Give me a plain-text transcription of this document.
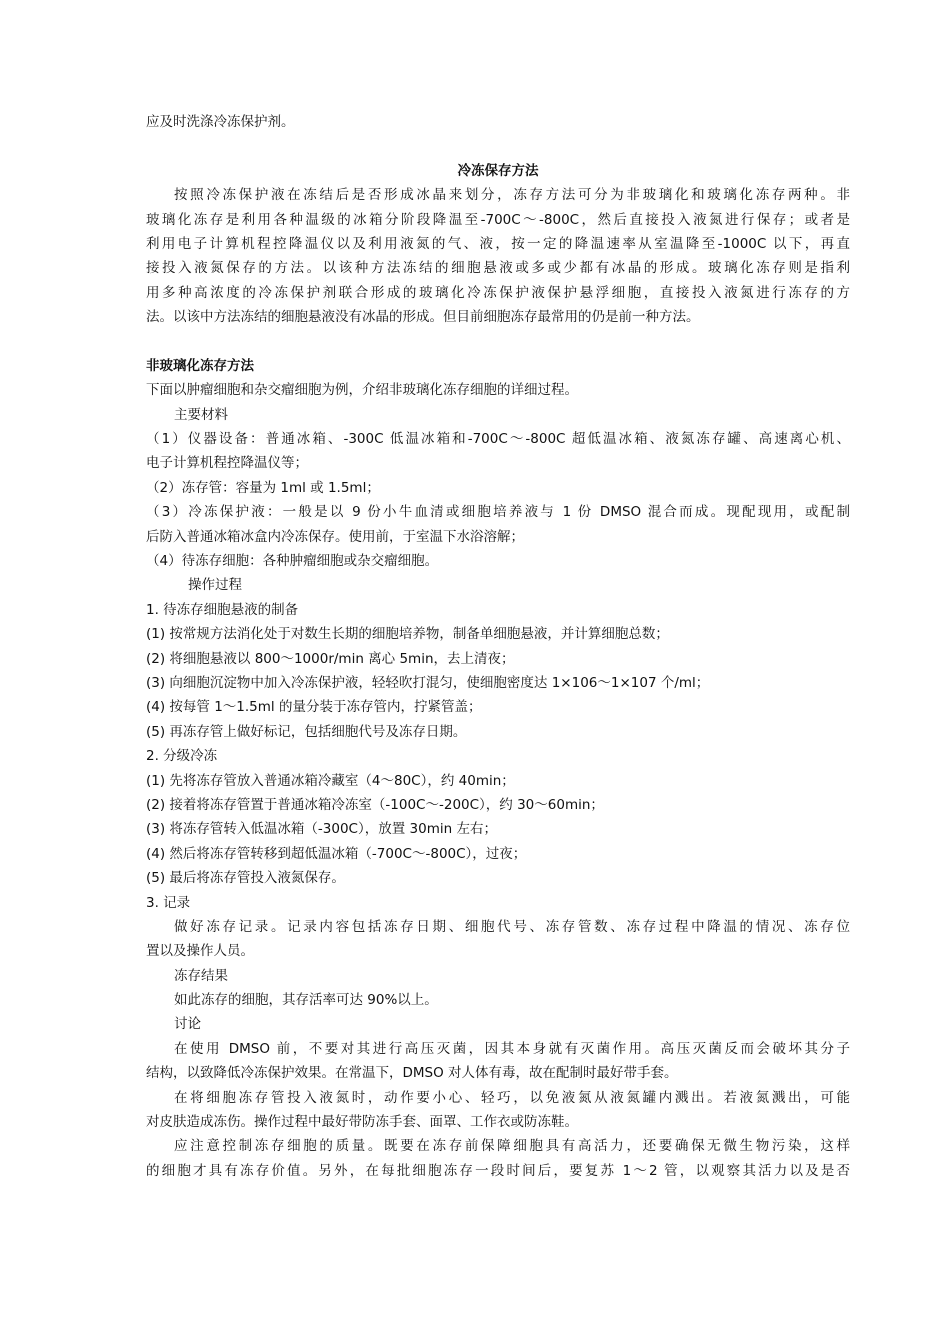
应及时洗涤冷冻保护剂。

冷冻保存方法

按照冷冻保护液在冻结后是否形成冰晶来划分，冻存方法可分为非玻璃化和玻璃化冻存两种。非

玻璃化冻存是利用各种温级的冰箱分阶段降温至-700C～-800C，然后直接投入液氮进行保存；或者是

利用电子计算机程控降温仪以及利用液氮的气、液，按一定的降温速率从室温降至-1000C 以下，再直

接投入液氮保存的方法。以该种方法冻结的细胞悬液或多或少都有冰晶的形成。玻璃化冻存则是指利

用多种高浓度的冷冻保护剂联合形成的玻璃化冷冻保护液保护悬浮细胞，直接投入液氮进行冻存的方

法。以该中方法冻结的细胞悬液没有冰晶的形成。但目前细胞冻存最常用的仍是前一种方法。

非玻璃化冻存方法

下面以肿瘤细胞和杂交瘤细胞为例，介绍非玻璃化冻存细胞的详细过程。

主要材料

（1）仪器设备：普通冰箱、-300C 低温冰箱和-700C～-800C 超低温冰箱、液氮冻存罐、高速离心机、

电子计算机程控降温仪等；

（2）冻存管：容量为 1ml 或 1.5ml；

（3）冷冻保护液：一般是以 9 份小牛血清或细胞培养液与 1 份 DMSO 混合而成。现配现用，或配制

后防入普通冰箱冰盒内冷冻保存。使用前，于室温下水浴溶解；

（4）待冻存细胞：各种肿瘤细胞或杂交瘤细胞。

操作过程

1. 待冻存细胞悬液的制备

(1) 按常规方法消化处于对数生长期的细胞培养物，制备单细胞悬液，并计算细胞总数；

(2) 将细胞悬液以 800～1000r/min 离心 5min，去上清夜；

(3) 向细胞沉淀物中加入冷冻保护液，轻轻吹打混匀，使细胞密度达 1×106～1×107 个/ml；

(4) 按每管 1～1.5ml 的量分装于冻存管内，拧紧管盖；

(5) 再冻存管上做好标记，包括细胞代号及冻存日期。

2. 分级冷冻

(1) 先将冻存管放入普通冰箱冷藏室（4～80C），约 40min；

(2) 接着将冻存管置于普通冰箱冷冻室（-100C～-200C），约 30～60min；

(3) 将冻存管转入低温冰箱（-300C），放置 30min 左右；

(4) 然后将冻存管转移到超低温冰箱（-700C～-800C），过夜；

(5) 最后将冻存管投入液氮保存。

3. 记录

做好冻存记录。记录内容包括冻存日期、细胞代号、冻存管数、冻存过程中降温的情况、冻存位

置以及操作人员。

冻存结果

如此冻存的细胞，其存活率可达 90%以上。

讨论

在使用 DMSO 前，不要对其进行高压灭菌，因其本身就有灭菌作用。高压灭菌反而会破坏其分子

结构，以致降低冷冻保护效果。在常温下，DMSO 对人体有毒，故在配制时最好带手套。

在将细胞冻存管投入液氮时，动作要小心、轻巧，以免液氮从液氮罐内溅出。若液氮溅出，可能

对皮肤造成冻伤。操作过程中最好带防冻手套、面罩、工作衣或防冻鞋。

应注意控制冻存细胞的质量。既要在冻存前保障细胞具有高活力，还要确保无微生物污染，这样

的细胞才具有冻存价值。另外，在每批细胞冻存一段时间后，要复苏 1～2 管，以观察其活力以及是否
